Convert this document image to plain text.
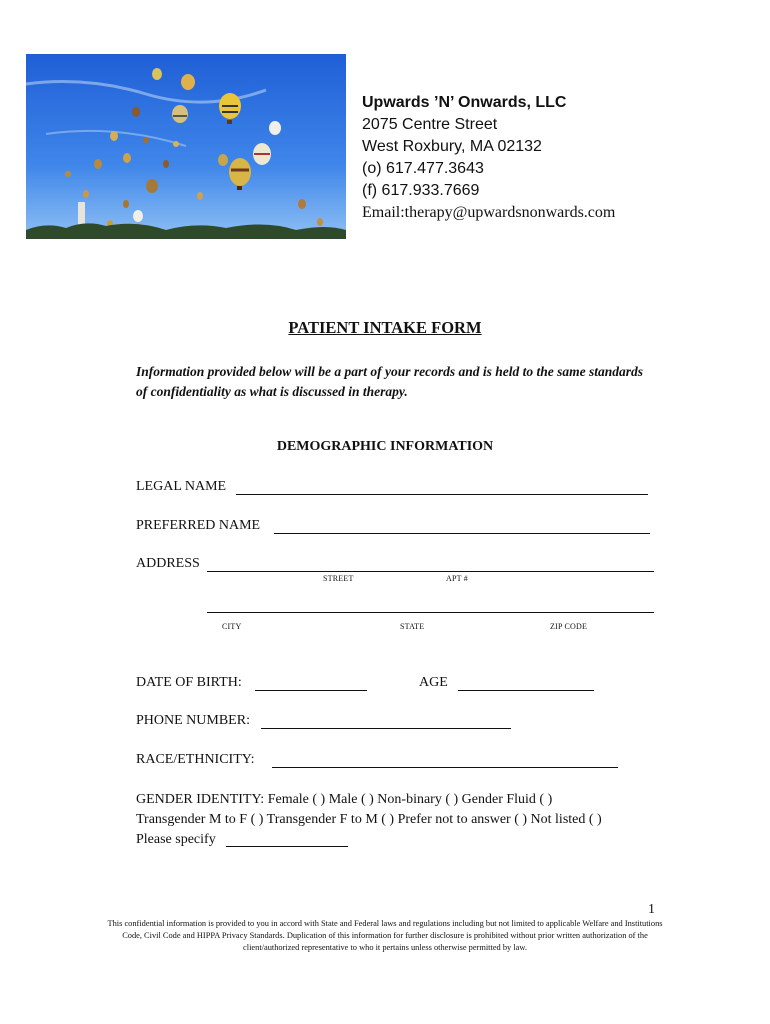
Upwards ’N’ Onwards, LLC
2075 Centre Street
West Roxbury, MA 02132
(o) 617.477.3643
(f) 617.933.7669
Email:therapy@upwardsnonwards.com
PATIENT INTAKE FORM
Information provided below will be a part of your records and is held to the same standards of confidentiality as what is discussed in therapy.
DEMOGRAPHIC INFORMATION
LEGAL NAME
PREFERRED NAME
ADDRESS
STREET	APT #
CITY	STATE	ZIP CODE
DATE OF BIRTH:	AGE
PHONE NUMBER:
RACE/ETHNICITY:
GENDER IDENTITY: Female ( ) Male ( ) Non-binary ( ) Gender Fluid ( )
Transgender M to F ( ) Transgender F to M ( ) Prefer not to answer ( ) Not listed ( )
Please specify
1
This confidential information is provided to you in accord with State and Federal laws and regulations including but not limited to applicable Welfare and Institutions Code, Civil Code and HIPPA Privacy Standards. Duplication of this information for further disclosure is prohibited without prior written authorization of the client/authorized representative to who it pertains unless otherwise permitted by law.
